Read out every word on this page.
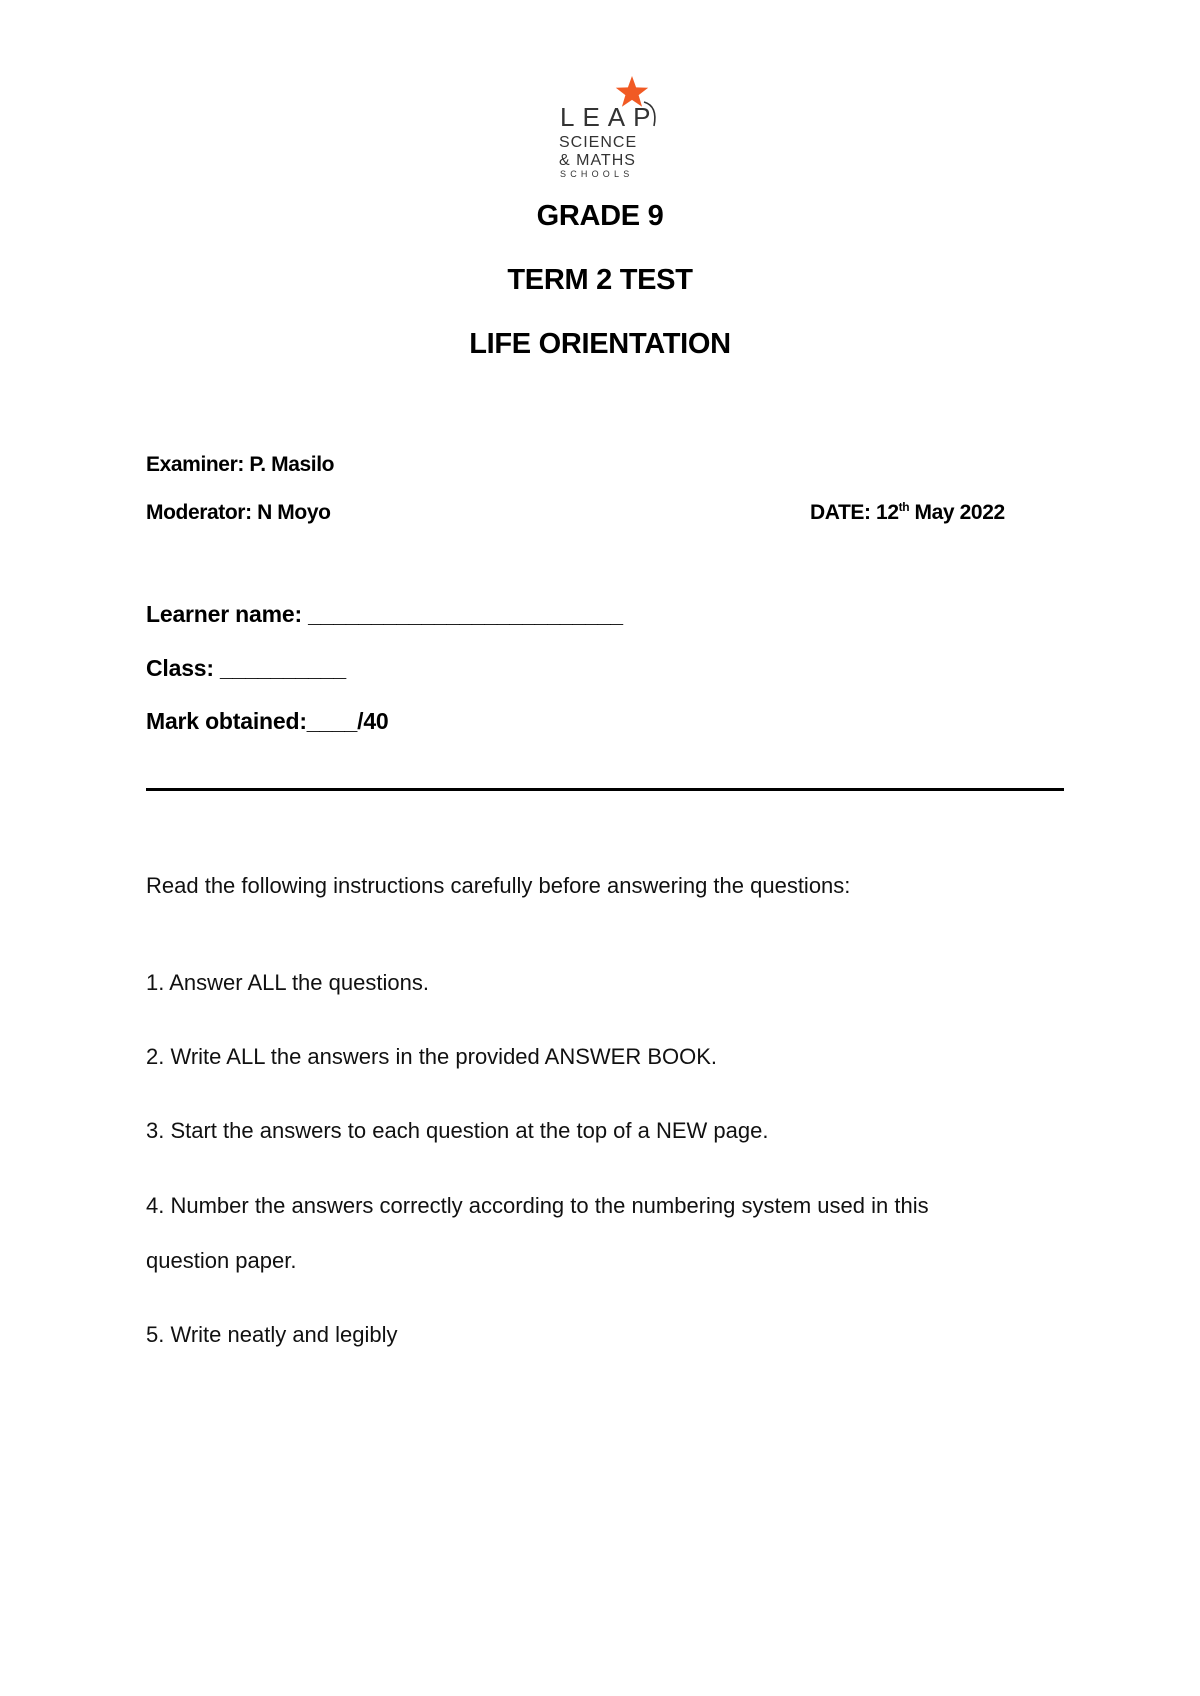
LEAP
SCIENCE
& MATHS
SCHOOLS
GRADE 9
TERM 2 TEST
LIFE ORIENTATION
Examiner: P. Masilo
Moderator: N Moyo	DATE: 12th May 2022
Learner name: _________________________
Class: __________
Mark obtained:____/40
Read the following instructions carefully before answering the questions:
1. Answer ALL the questions.
2. Write ALL the answers in the provided ANSWER BOOK.
3. Start the answers to each question at the top of a NEW page.
4. Number the answers correctly according to the numbering system used in this
question paper.
5. Write neatly and legibly
